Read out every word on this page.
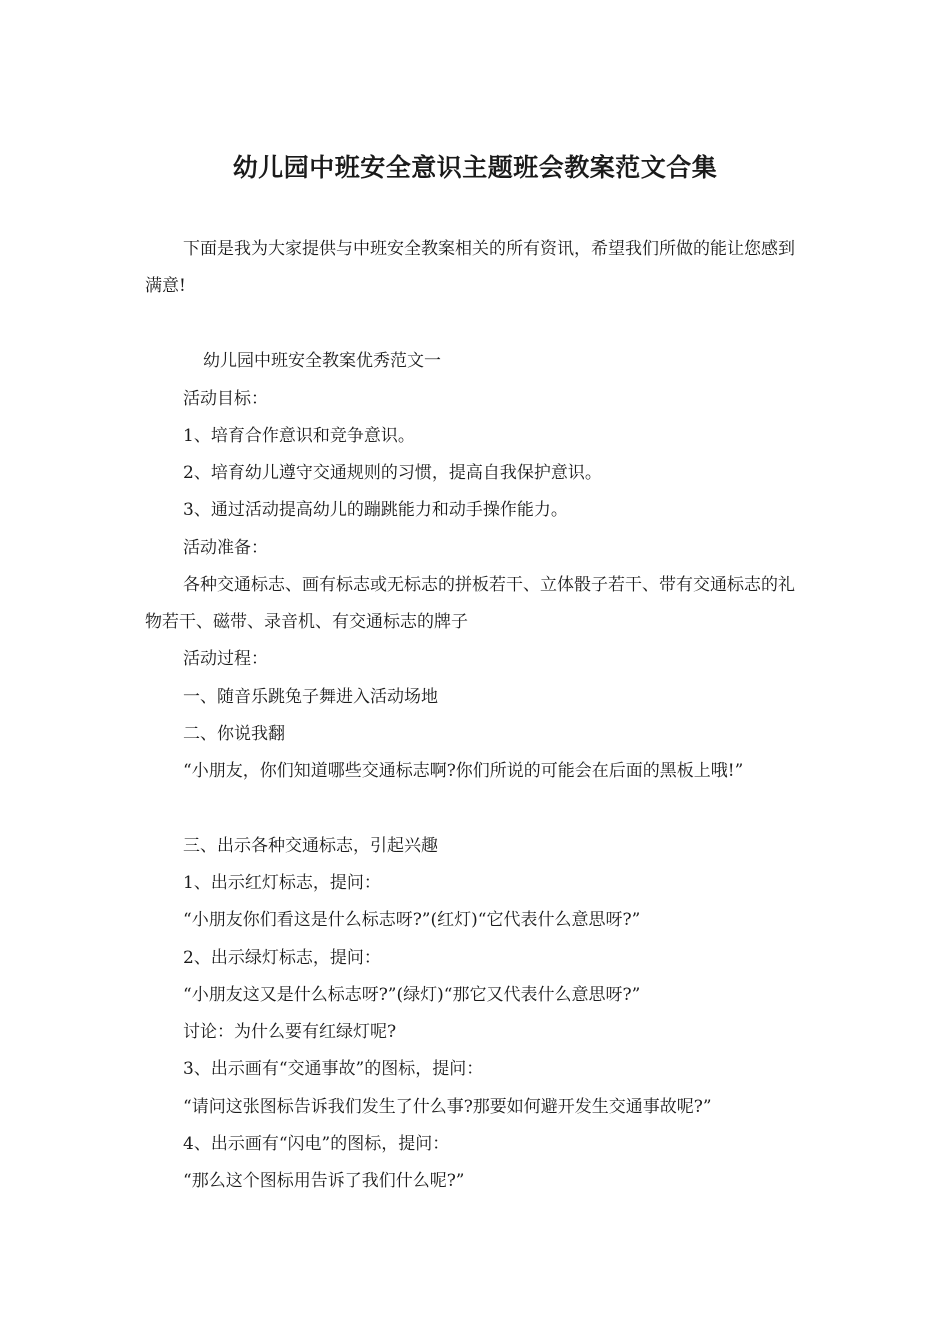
幼儿园中班安全意识主题班会教案范文合集

下面是我为大家提供与中班安全教案相关的所有资讯，希望我们所做的能让您感到满意!

幼儿园中班安全教案优秀范文一

活动目标：

1、培育合作意识和竞争意识。

2、培育幼儿遵守交通规则的习惯，提高自我保护意识。

3、通过活动提高幼儿的蹦跳能力和动手操作能力。

活动准备：

各种交通标志、画有标志或无标志的拼板若干、立体骰子若干、带有交通标志的礼物若干、磁带、录音机、有交通标志的牌子

活动过程：

一、随音乐跳兔子舞进入活动场地

二、你说我翻

“小朋友，你们知道哪些交通标志啊?你们所说的可能会在后面的黑板上哦!”

三、出示各种交通标志，引起兴趣

1、出示红灯标志，提问：

“小朋友你们看这是什么标志呀?”(红灯)“它代表什么意思呀?”

2、出示绿灯标志，提问：

“小朋友这又是什么标志呀?”(绿灯)“那它又代表什么意思呀?”

讨论：为什么要有红绿灯呢?

3、出示画有“交通事故”的图标，提问：

“请问这张图标告诉我们发生了什么事?那要如何避开发生交通事故呢?”

4、出示画有“闪电”的图标，提问：

“那么这个图标用告诉了我们什么呢?”
